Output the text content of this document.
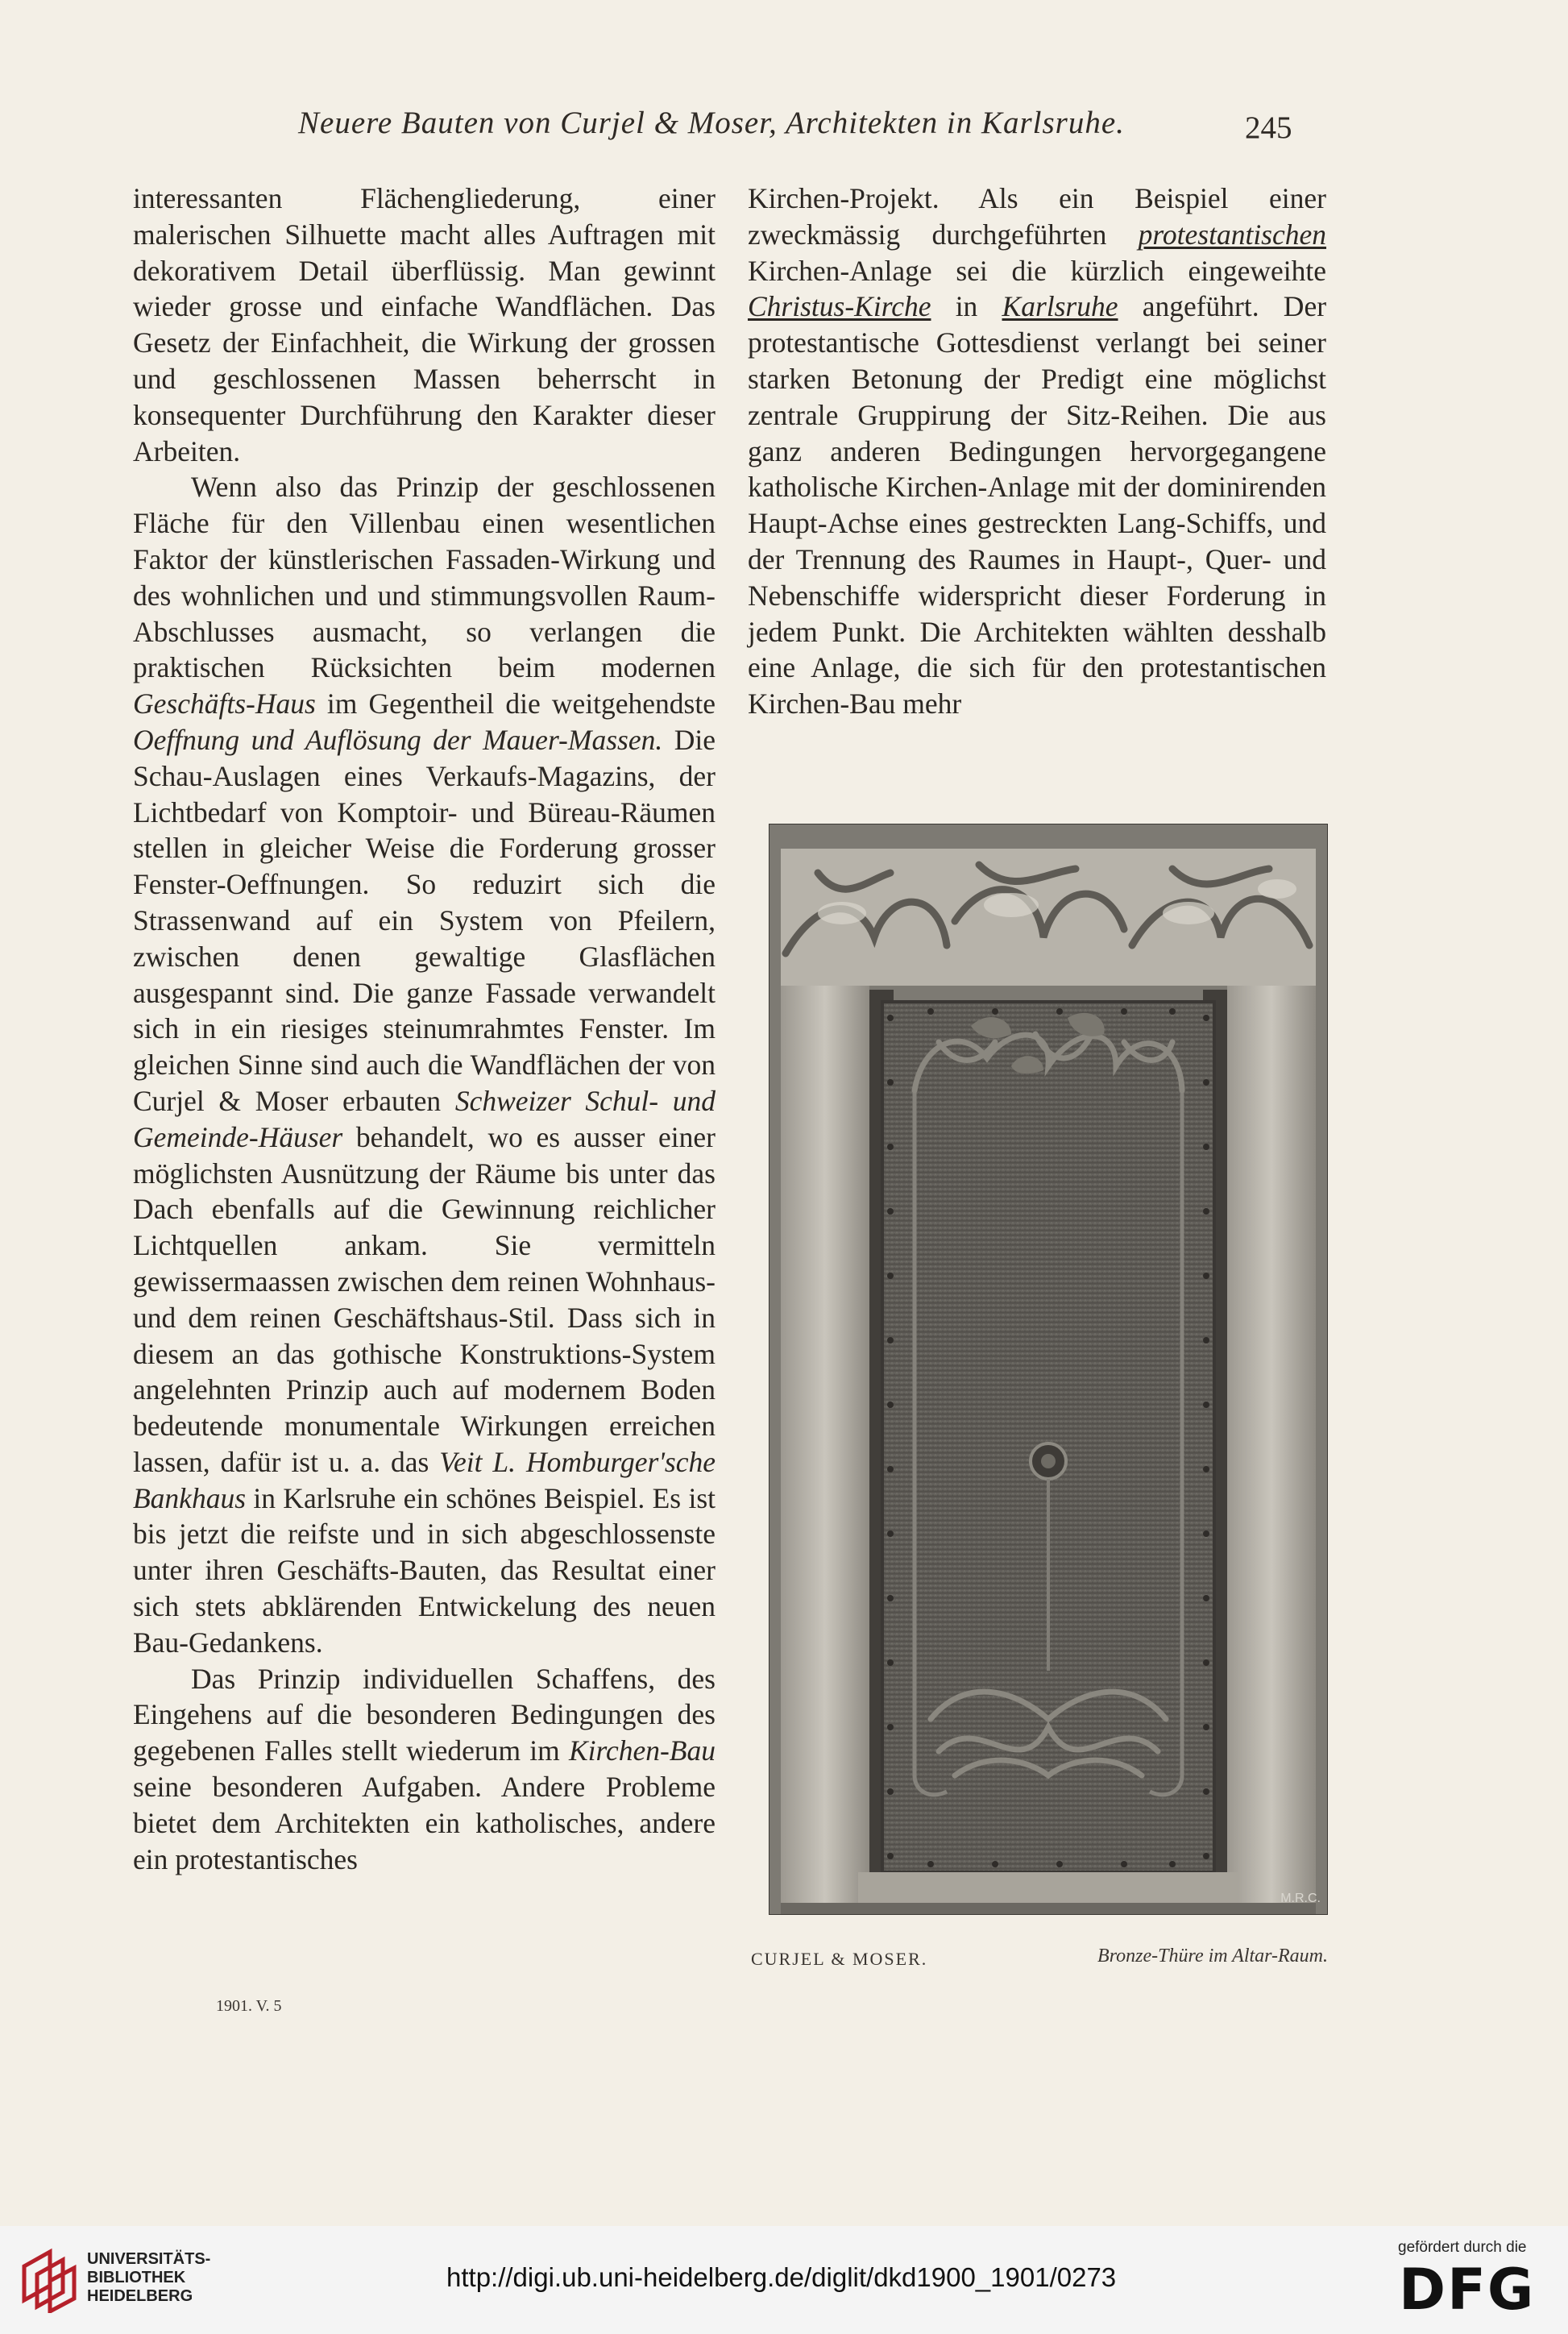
Neuere Bauten von Curjel & Moser, Architekten in Karlsruhe.	245

interessanten Flächengliederung, einer malerischen Silhuette macht alles Auftragen mit dekorativem Detail überflüssig. Man gewinnt wieder grosse und einfache Wandflächen. Das Gesetz der Einfachheit, die Wirkung der grossen und geschlossenen Massen beherrscht in konsequenter Durchführung den Karakter dieser Arbeiten.

Wenn also das Prinzip der geschlossenen Fläche für den Villenbau einen wesentlichen Faktor der künstlerischen Fassaden-Wirkung und des wohnlichen und und stimmungsvollen Raum-Abschlusses ausmacht, so verlangen die praktischen Rücksichten beim modernen Geschäfts-Haus im Gegentheil die weitgehendste Oeffnung und Auflösung der Mauer-Massen. Die Schau-Auslagen eines Verkaufs-Magazins, der Lichtbedarf von Komptoir- und Büreau-Räumen stellen in gleicher Weise die Forderung grosser Fenster-Oeffnungen. So reduzirt sich die Strassenwand auf ein System von Pfeilern, zwischen denen gewaltige Glasflächen ausgespannt sind. Die ganze Fassade verwandelt sich in ein riesiges steinumrahmtes Fenster. Im gleichen Sinne sind auch die Wandflächen der von Curjel & Moser erbauten Schweizer Schul- und Gemeinde-Häuser behandelt, wo es ausser einer möglichsten Ausnützung der Räume bis unter das Dach ebenfalls auf die Gewinnung reichlicher Lichtquellen ankam. Sie vermitteln gewissermaassen zwischen dem reinen Wohnhaus- und dem reinen Geschäftshaus-Stil. Dass sich in diesem an das gothische Konstruktions-System angelehnten Prinzip auch auf modernem Boden bedeutende monumentale Wirkungen erreichen lassen, dafür ist u. a. das Veit L. Homburger'sche Bankhaus in Karlsruhe ein schönes Beispiel. Es ist bis jetzt die reifste und in sich abgeschlossenste unter ihren Geschäfts-Bauten, das Resultat einer sich stets abklärenden Entwickelung des neuen Bau-Gedankens.

Das Prinzip individuellen Schaffens, des Eingehens auf die besonderen Bedingungen des gegebenen Falles stellt wiederum im Kirchen-Bau seine besonderen Aufgaben. Andere Probleme bietet dem Architekten ein katholisches, andere ein protestantisches

Kirchen-Projekt. Als ein Beispiel einer zweckmässig durchgeführten protestantischen Kirchen-Anlage sei die kürzlich eingeweihte Christus-Kirche in Karlsruhe angeführt. Der protestantische Gottesdienst verlangt bei seiner starken Betonung der Predigt eine möglichst zentrale Gruppirung der Sitz-Reihen. Die aus ganz anderen Bedingungen hervorgegangene katholische Kirchen-Anlage mit der dominirenden Haupt-Achse eines gestreckten Lang-Schiffs, und der Trennung des Raumes in Haupt-, Quer- und Nebenschiffe widerspricht dieser Forderung in jedem Punkt. Die Architekten wählten desshalb eine Anlage, die sich für den protestantischen Kirchen-Bau mehr

M.R.C.
CURJEL & MOSER.	Bronze-Thüre im Altar-Raum.
1901. V. 5
UNIVERSITÄTS-
BIBLIOTHEK
HEIDELBERG
http://digi.ub.uni-heidelberg.de/diglit/dkd1900_1901/0273
gefördert durch die
DFG
